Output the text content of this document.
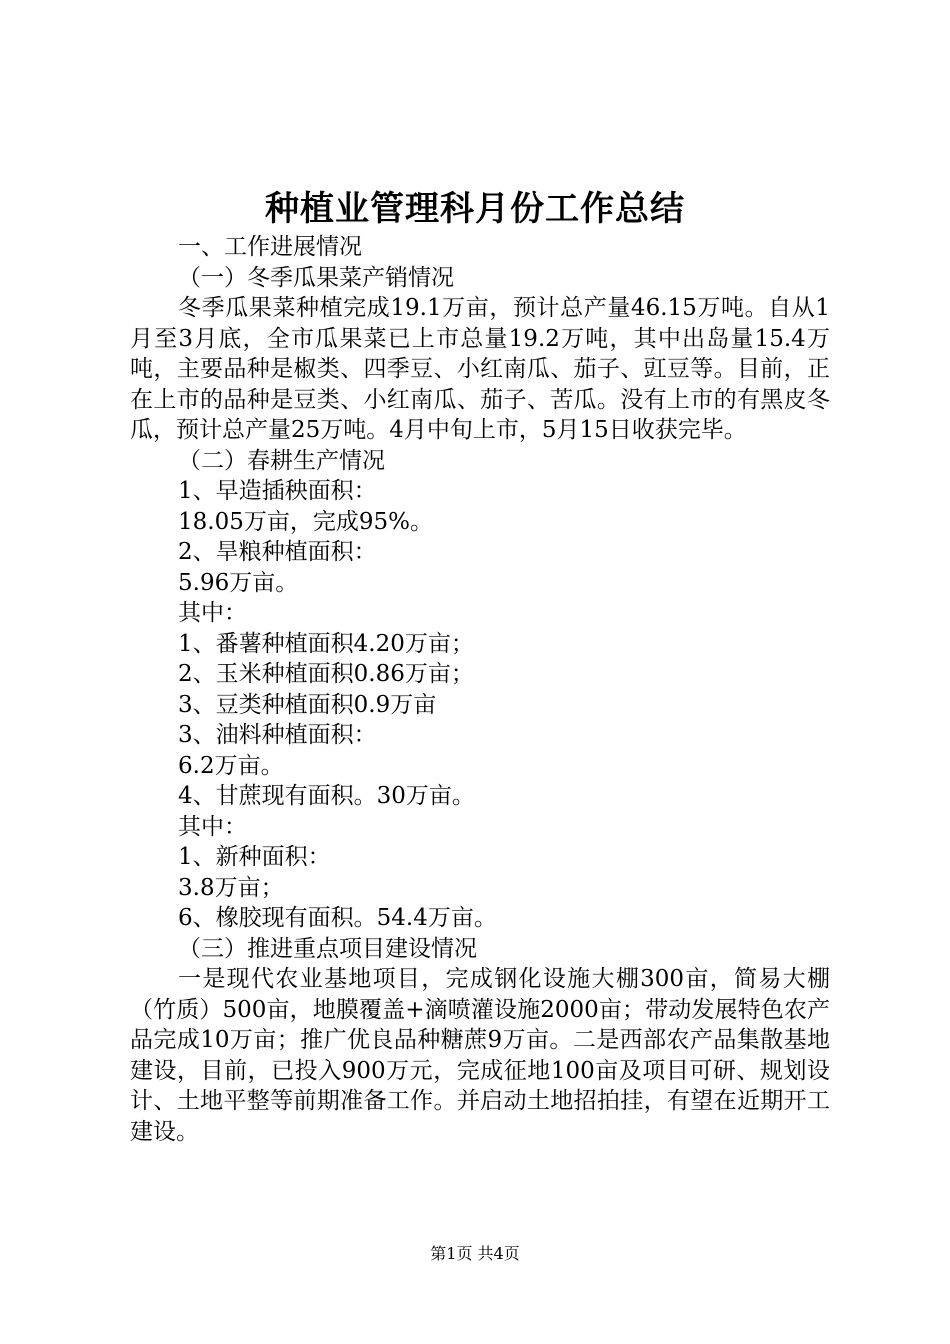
种植业管理科月份工作总结
一、工作进展情况
（一）冬季瓜果菜产销情况

冬季瓜果菜种植完成19.1万亩，预计总产量46.15万吨。自从1月至3月底，全市瓜果菜已上市总量19.2万吨，其中出岛量15.4万吨，主要品种是椒类、四季豆、小红南瓜、茄子、豇豆等。目前，正在上市的品种是豆类、小红南瓜、茄子、苦瓜。没有上市的有黑皮冬瓜，预计总产量25万吨。4月中旬上市，5月15日收获完毕。

（二）春耕生产情况
1、早造插秧面积：
18.05万亩，完成95%。
2、旱粮种植面积：
5.96万亩。
其中：
1、番薯种植面积4.20万亩；
2、玉米种植面积0.86万亩；
3、豆类种植面积0.9万亩
3、油料种植面积：
6.2万亩。
4、甘蔗现有面积。30万亩。
其中：
1、新种面积：
3.8万亩；
6、橡胶现有面积。54.4万亩。
（三）推进重点项目建设情况

一是现代农业基地项目，完成钢化设施大棚300亩，简易大棚（竹质）500亩，地膜覆盖+滴喷灌设施2000亩；带动发展特色农产品完成10万亩；推广优良品种糖蔗9万亩。二是西部农产品集散基地建设，目前，已投入900万元，完成征地100亩及项目可研、规划设计、土地平整等前期准备工作。并启动土地招拍挂，有望在近期开工建设。

第1页 共4页
